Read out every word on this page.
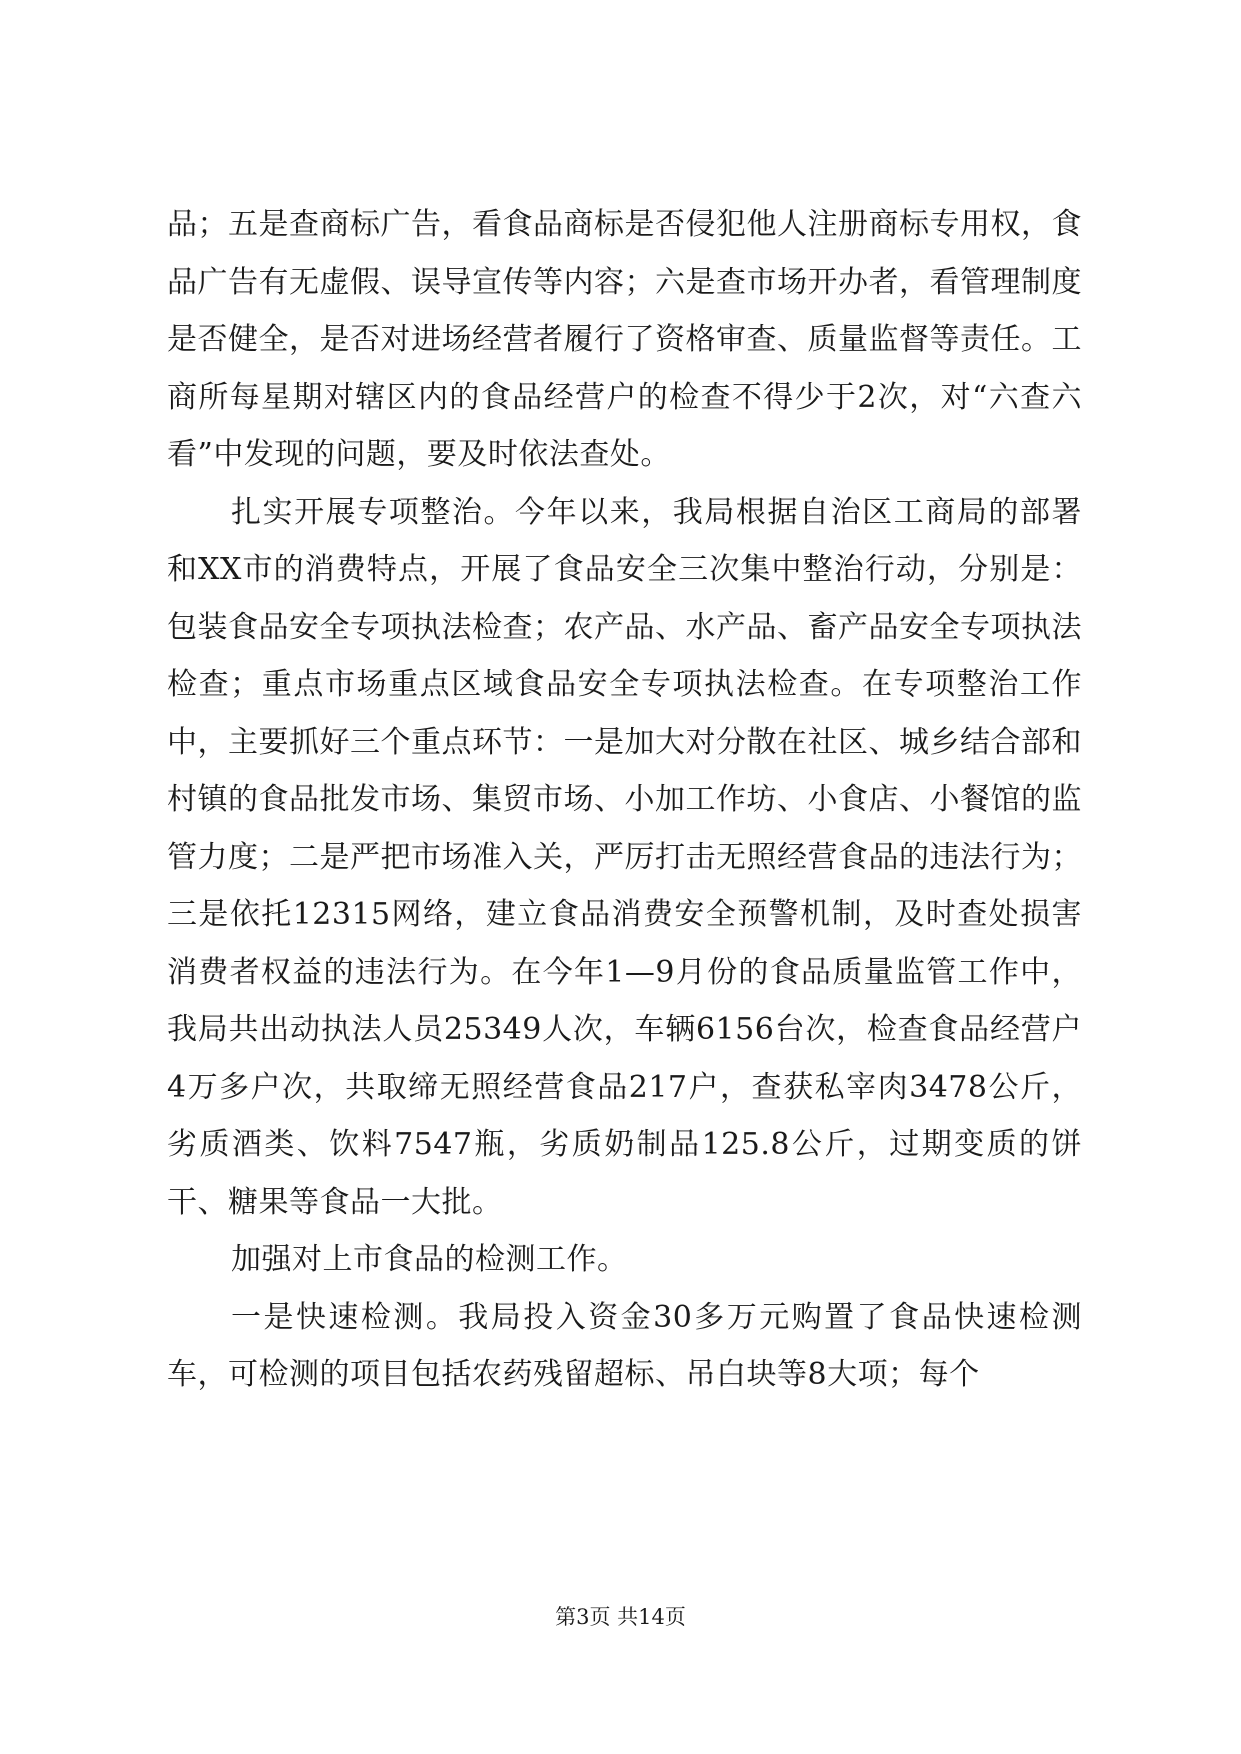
品；五是查商标广告，看食品商标是否侵犯他人注册商标专用权，食品广告有无虚假、误导宣传等内容；六是查市场开办者，看管理制度是否健全，是否对进场经营者履行了资格审查、质量监督等责任。工商所每星期对辖区内的食品经营户的检查不得少于2次，对“六查六看”中发现的问题，要及时依法查处。

扎实开展专项整治。今年以来，我局根据自治区工商局的部署和XX市的消费特点，开展了食品安全三次集中整治行动，分别是：包装食品安全专项执法检查；农产品、水产品、畜产品安全专项执法检查；重点市场重点区域食品安全专项执法检查。在专项整治工作中，主要抓好三个重点环节：一是加大对分散在社区、城乡结合部和村镇的食品批发市场、集贸市场、小加工作坊、小食店、小餐馆的监管力度；二是严把市场准入关，严厉打击无照经营食品的违法行为；三是依托12315网络，建立食品消费安全预警机制，及时查处损害消费者权益的违法行为。在今年1—9月份的食品质量监管工作中，我局共出动执法人员25349人次，车辆6156台次，检查食品经营户4万多户次，共取缔无照经营食品217户，查获私宰肉3478公斤，劣质酒类、饮料7547瓶，劣质奶制品125.8公斤，过期变质的饼干、糖果等食品一大批。

加强对上市食品的检测工作。

一是快速检测。我局投入资金30多万元购置了食品快速检测车，可检测的项目包括农药残留超标、吊白块等8大项；每个

第3页 共14页
